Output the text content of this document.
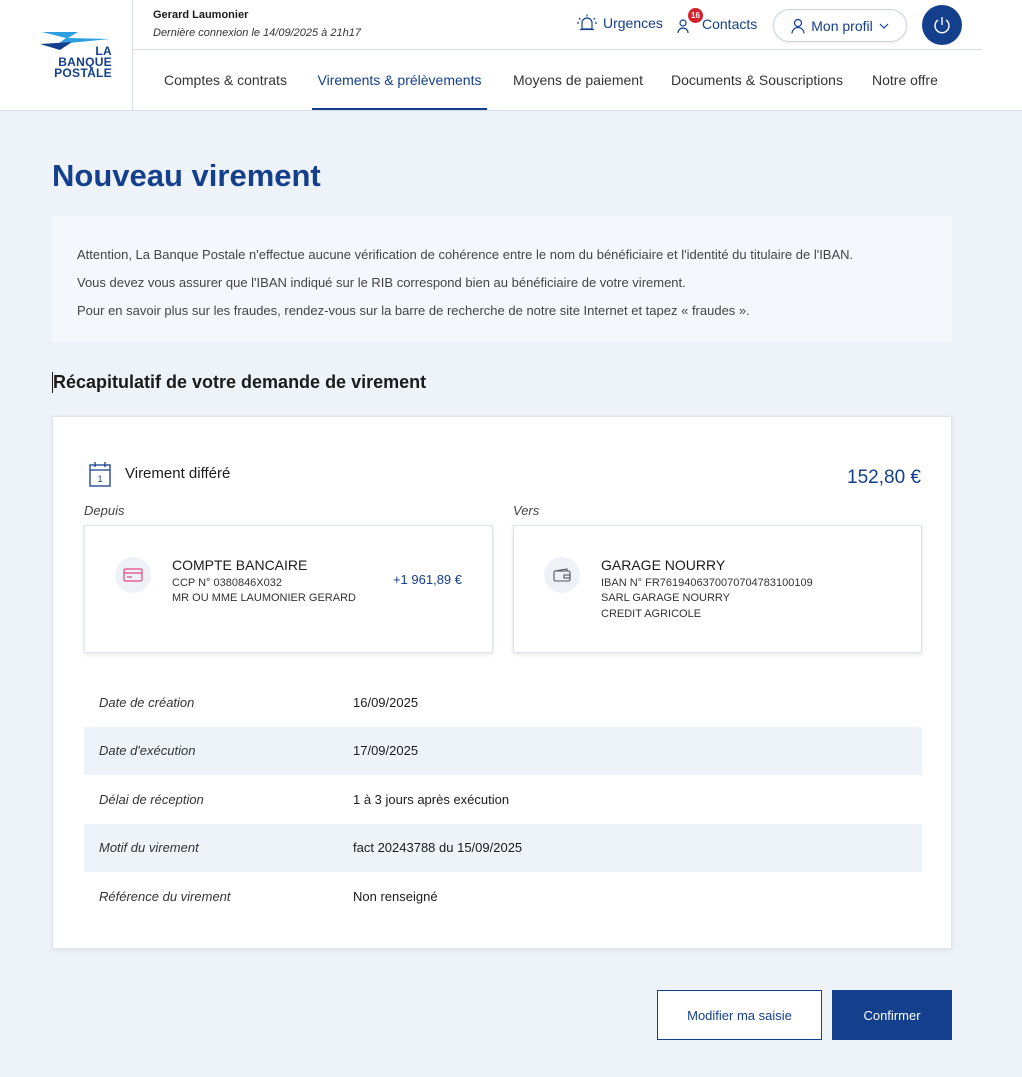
LA
BANQUE
POSTALE
Gerard Laumonier
Dernière connexion le 14/09/2025 à 21h17
Urgences	16
Contacts	Mon profil
Comptes & contrats	Virements & prélèvements	Moyens de paiement Documents & Souscriptions Notre offre
Nouveau virement

Attention, La Banque Postale n'effectue aucune vérification de cohérence entre le nom du bénéficiaire et l'identité du titulaire de l'IBAN.

Vous devez vous assurer que l'IBAN indiqué sur le RIB correspond bien au bénéficiaire de votre virement.

Pour en savoir plus sur les fraudes, rendez-vous sur la barre de recherche de notre site Internet et tapez « fraudes ».

Récapitulatif de votre demande de virement
1 Virement différé	152,80 €
Depuis	Vers
COMPTE BANCAIRE
CCP N° 0380846X032
MR OU MME LAUMONIER GERARD
+1 961,89 €
GARAGE NOURRY
IBAN N° FR7619406370070704783100109
SARL GARAGE NOURRY
CREDIT AGRICOLE
Date de création	16/09/2025
Date d'exécution	17/09/2025
Délai de réception	1 à 3 jours après exécution
Motif du virement	fact 20243788 du 15/09/2025
Référence du virement	Non renseigné
Modifier ma saisie	Confirmer
